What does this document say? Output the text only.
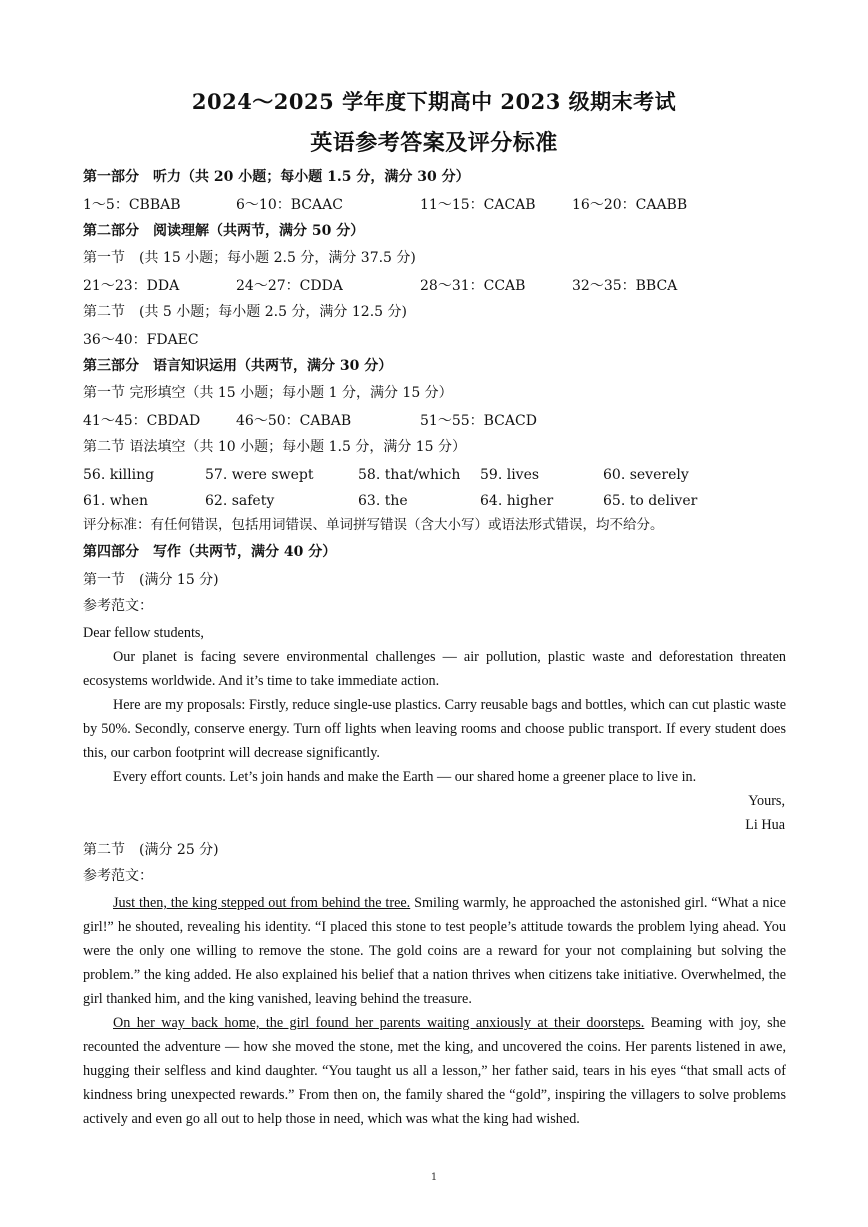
2024～2025 学年度下期高中 2023 级期末考试
英语参考答案及评分标准
第一部分　听力（共 20 小题；每小题 1.5 分，满分 30 分）
1～5：CBBAB	6～10：BCAAC	11～15：CACAB	16～20：CAABB
第二部分　阅读理解（共两节，满分 50 分）
第一节　(共 15 小题；每小题 2.5 分，满分 37.5 分)
21～23：DDA	24～27：CDDA	28～31：CCAB	32～35：BBCA
第二节　(共 5 小题；每小题 2.5 分，满分 12.5 分)
36～40：FDAEC
第三部分　语言知识运用（共两节，满分 30 分）
第一节 完形填空（共 15 小题；每小题 1 分，满分 15 分）
41～45：CBDAD	46～50：CABAB	51～55：BCACD
第二节 语法填空（共 10 小题；每小题 1.5 分，满分 15 分）
56. killing	57. were swept	58. that/which 59. lives	60. severely
61. when	62. safety	63. the	64. higher	65. to deliver
评分标准：有任何错误，包括用词错误、单词拼写错误（含大小写）或语法形式错误，均不给分。
第四部分　写作（共两节，满分 40 分）
第一节　(满分 15 分)
参考范文：
Dear fellow students,
Our planet is facing severe environmental challenges — air pollution, plastic waste and deforestation threaten ecosystems worldwide. And it’s time to take immediate action.
Here are my proposals: Firstly, reduce single-use plastics. Carry reusable bags and bottles, which can cut plastic waste by 50%. Secondly, conserve energy. Turn off lights when leaving rooms and choose public transport. If every student does this, our carbon footprint will decrease significantly.
Every effort counts. Let’s join hands and make the Earth — our shared home a greener place to live in.
Yours,
Li Hua
第二节　(满分 25 分)
参考范文：
Just then, the king stepped out from behind the tree. Smiling warmly, he approached the astonished girl. “What a nice girl!” he shouted, revealing his identity. “I placed this stone to test people’s attitude towards the problem lying ahead. You were the only one willing to remove the stone. The gold coins are a reward for your not complaining but solving the problem.” the king added. He also explained his belief that a nation thrives when citizens take initiative. Overwhelmed, the girl thanked him, and the king vanished, leaving behind the treasure.
On her way back home, the girl found her parents waiting anxiously at their doorsteps. Beaming with joy, she recounted the adventure — how she moved the stone, met the king, and uncovered the coins. Her parents listened in awe, hugging their selfless and kind daughter. “You taught us all a lesson,” her father said, tears in his eyes “that small acts of kindness bring unexpected rewards.” From then on, the family shared the “gold”, inspiring the villagers to solve problems actively and even go all out to help those in need, which was what the king had wished.
1
